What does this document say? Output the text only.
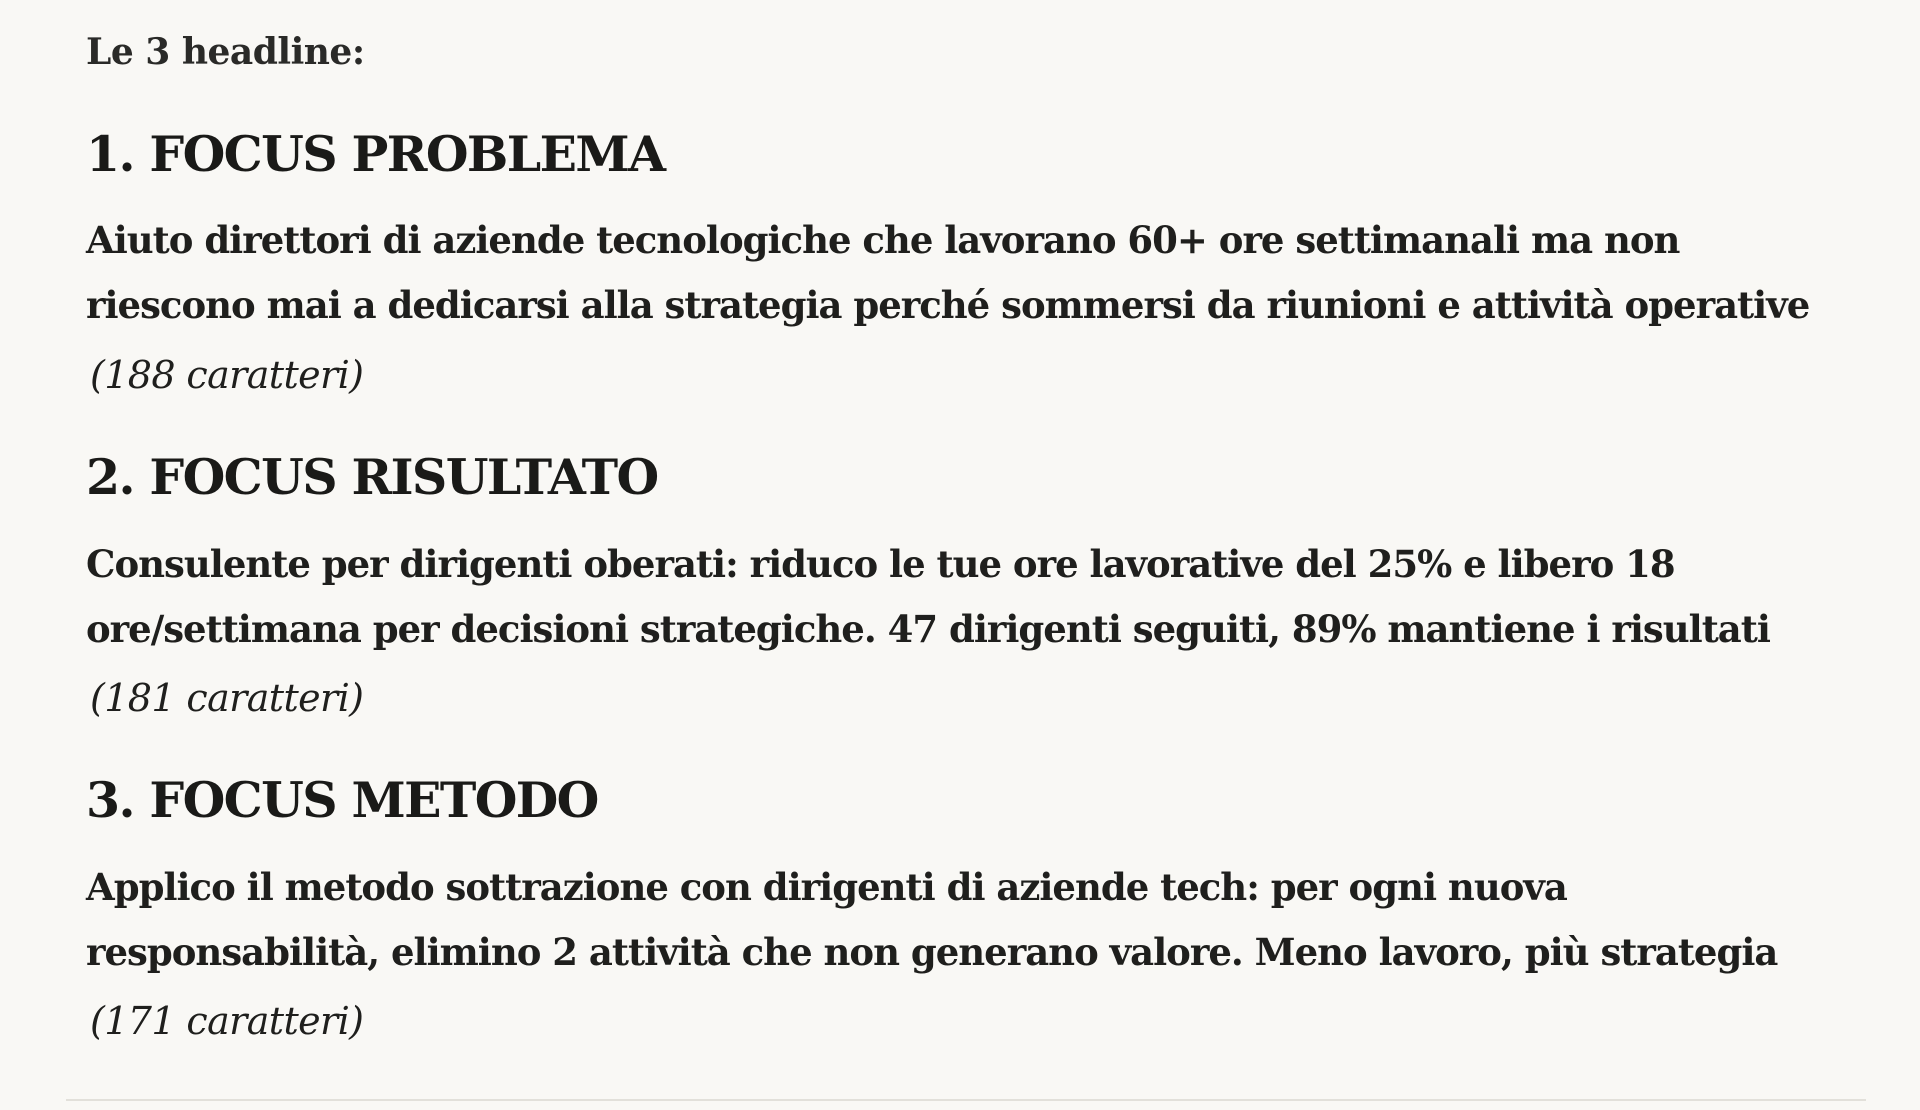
Le 3 headline:

1. FOCUS PROBLEMA

Aiuto direttori di aziende tecnologiche che lavorano 60+ ore settimanali ma non
riescono mai a dedicarsi alla strategia perché sommersi da riunioni e attività operative

(188 caratteri)

2. FOCUS RISULTATO

Consulente per dirigenti oberati: riduco le tue ore lavorative del 25% e libero 18
ore/settimana per decisioni strategiche. 47 dirigenti seguiti, 89% mantiene i risultati

(181 caratteri)

3. FOCUS METODO

Applico il metodo sottrazione con dirigenti di aziende tech: per ogni nuova
responsabilità, elimino 2 attività che non generano valore. Meno lavoro, più strategia

(171 caratteri)
